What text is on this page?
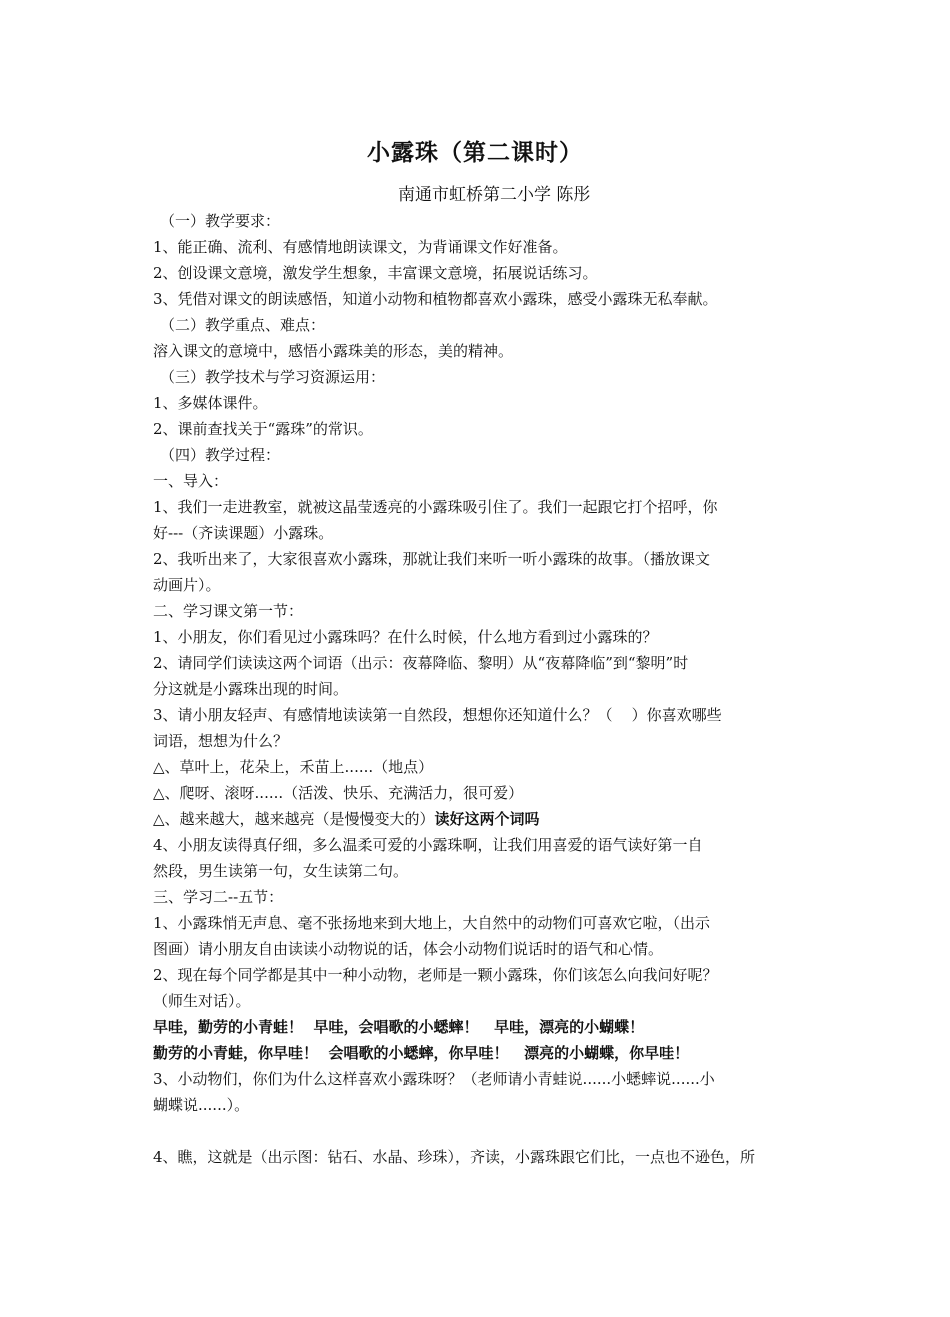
小露珠（第二课时）

南通市虹桥第二小学 陈彤

（一）教学要求：

1、能正确、流利、有感情地朗读课文，为背诵课文作好准备。

2、创设课文意境，激发学生想象，丰富课文意境，拓展说话练习。

3、凭借对课文的朗读感悟，知道小动物和植物都喜欢小露珠，感受小露珠无私奉献。

（二）教学重点、难点：

溶入课文的意境中，感悟小露珠美的形态，美的精神。

（三）教学技术与学习资源运用：

1、多媒体课件。

2、课前查找关于“露珠”的常识。

（四）教学过程：

一、导入：

1、我们一走进教室，就被这晶莹透亮的小露珠吸引住了。我们一起跟它打个招呼，你

好---（齐读课题）小露珠。

2、我听出来了，大家很喜欢小露珠，那就让我们来听一听小露珠的故事。（播放课文

动画片）。

二、学习课文第一节：

1、小朋友，你们看见过小露珠吗？在什么时候，什么地方看到过小露珠的？

2、请同学们读读这两个词语（出示：夜幕降临、黎明）从“夜幕降临”到“黎明”时

分这就是小露珠出现的时间。

3、请小朋友轻声、有感情地读读第一自然段，想想你还知道什么？（    ）你喜欢哪些

词语，想想为什么？

△、草叶上，花朵上，禾苗上......（地点）

△、爬呀、滚呀......（活泼、快乐、充满活力，很可爱）

△、越来越大，越来越亮（是慢慢变大的）读好这两个词吗

4、小朋友读得真仔细，多么温柔可爱的小露珠啊，让我们用喜爱的语气读好第一自

然段，男生读第一句，女生读第二句。

三、学习二--五节：

1、小露珠悄无声息、毫不张扬地来到大地上，大自然中的动物们可喜欢它啦，（出示

图画）请小朋友自由读读小动物说的话，体会小动物们说话时的语气和心情。

2、现在每个同学都是其中一种小动物，老师是一颗小露珠，你们该怎么向我问好呢？

（师生对话）。

早哇，勤劳的小青蛙！  早哇，会唱歌的小蟋蟀！   早哇，漂亮的小蝴蝶！

勤劳的小青蛙，你早哇！  会唱歌的小蟋蟀，你早哇！   漂亮的小蝴蝶，你早哇！

3、小动物们，你们为什么这样喜欢小露珠呀？（老师请小青蛙说......小蟋蟀说......小

蝴蝶说......）。

4、瞧，这就是（出示图：钻石、水晶、珍珠），齐读，小露珠跟它们比，一点也不逊色，所
